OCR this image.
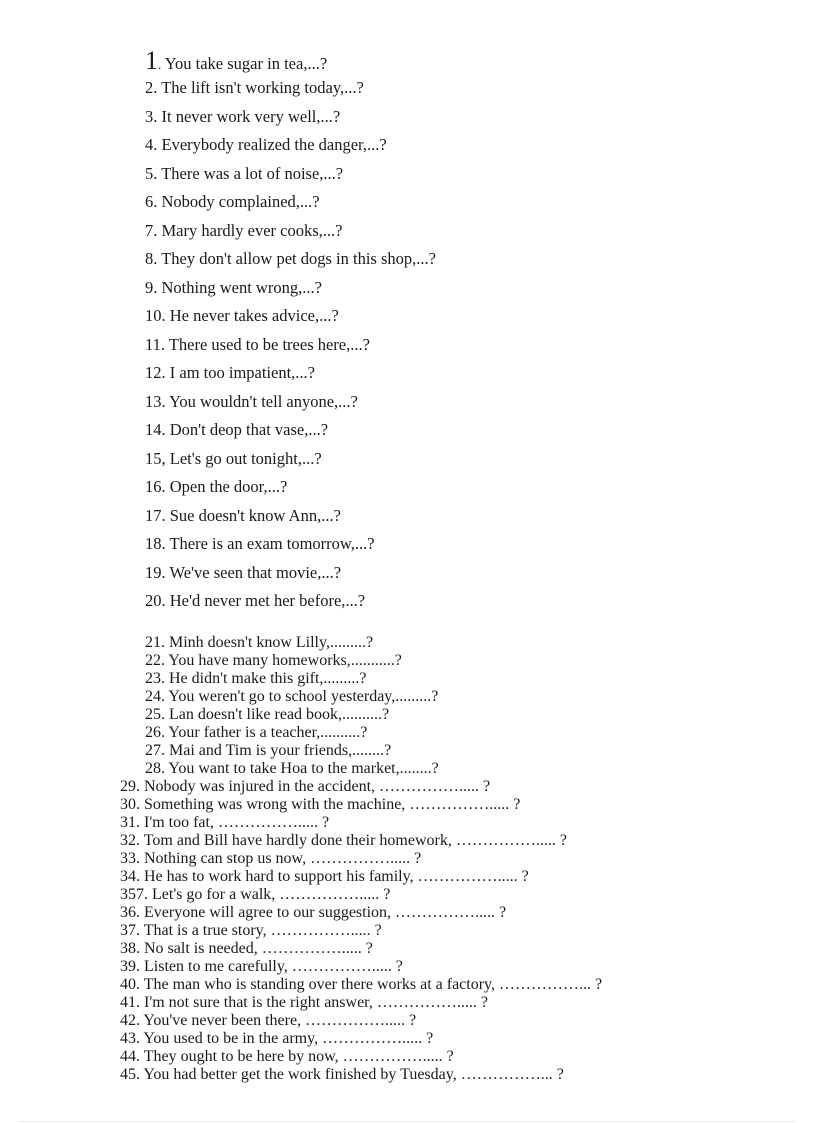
1. You take sugar in tea,...?
2. The lift isn't working today,...?
3. It never work very well,...?
4. Everybody realized the danger,...?
5. There was a lot of noise,...?
6. Nobody complained,...?
7. Mary hardly ever cooks,...?
8. They don't allow pet dogs in this shop,...?
9. Nothing went wrong,...?
10. He never takes advice,...?
11. There used to be trees here,...?
12. I am too impatient,...?
13. You wouldn't tell anyone,...?
14. Don't deop that vase,...?
15, Let's go out tonight,...?
16. Open the door,...?
17. Sue doesn't know Ann,...?
18. There is an exam tomorrow,...?
19. We've seen that movie,...?
20. He'd never met her before,...?
21. Minh doesn't know Lilly,.........?
22. You have many homeworks,...........?
23. He didn't make this gift,.........?
24. You weren't go to school yesterday,.........?
25. Lan doesn't like read book,..........?
26. Your father is a teacher,..........?
27. Mai and Tim is your friends,........?
28. You want to take Hoa to the market,........?
29. Nobody was injured in the accident, ……………..... ?
30. Something was wrong with the machine, ……………..... ?
31. I'm too fat, ……………..... ?
32. Tom and Bill have hardly done their homework, ……………..... ?
33. Nothing can stop us now, ……………..... ?
34. He has to work hard to support his family, ……………..... ?
357. Let's go for a walk, ……………..... ?
36. Everyone will agree to our suggestion, ……………..... ?
37. That is a true story, ……………..... ?
38. No salt is needed, ……………..... ?
39. Listen to me carefully, ……………..... ?
40. The man who is standing over there works at a factory, ……………... ?
41. I'm not sure that is the right answer, ……………..... ?
42. You've never been there, ……………..... ?
43. You used to be in the army, ……………..... ?
44. They ought to be here by now, ……………..... ?
45. You had better get the work finished by Tuesday, ……………... ?
